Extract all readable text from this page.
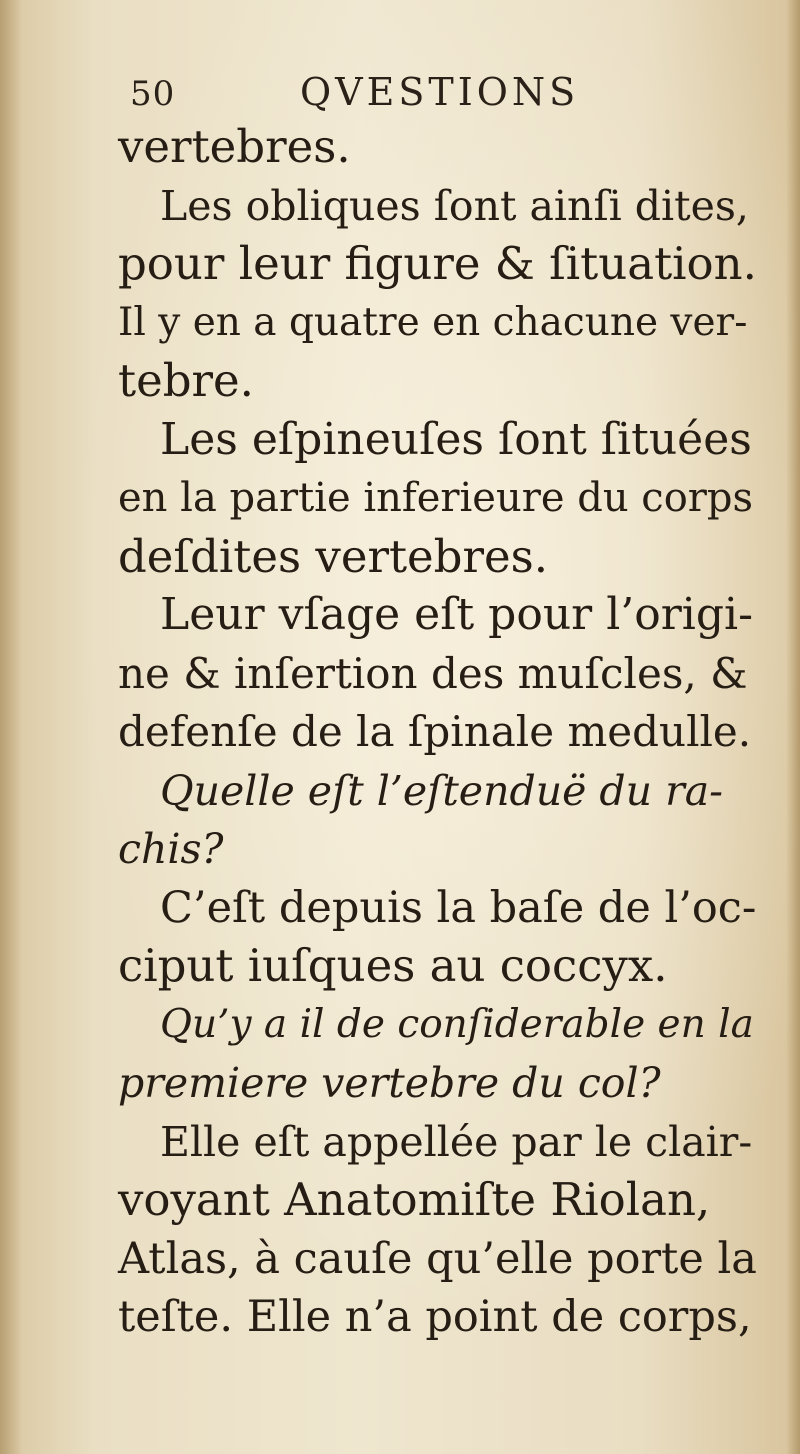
50	QVESTIONS
vertebres.
Les obliques ſont ainſi dites,
pour leur figure & ſituation.
Il y en a quatre en chacune ver-
tebre.
Les eſpineuſes ſont ſituées
en la partie inferieure du corps
deſdites vertebres.
Leur vſage eſt pour l’origi-
ne & inſertion des muſcles, &
defenſe de la ſpinale medulle.
Quelle eſt l’eſtenduë du ra-
chis?
C’eſt depuis la baſe de l’oc-
ciput iuſques au coccyx.
Qu’y a il de conſiderable en la
premiere vertebre du col?
Elle eſt appellée par le clair-
voyant Anatomiſte Riolan,
Atlas, à cauſe qu’elle porte la
teſte. Elle n’a point de corps,
